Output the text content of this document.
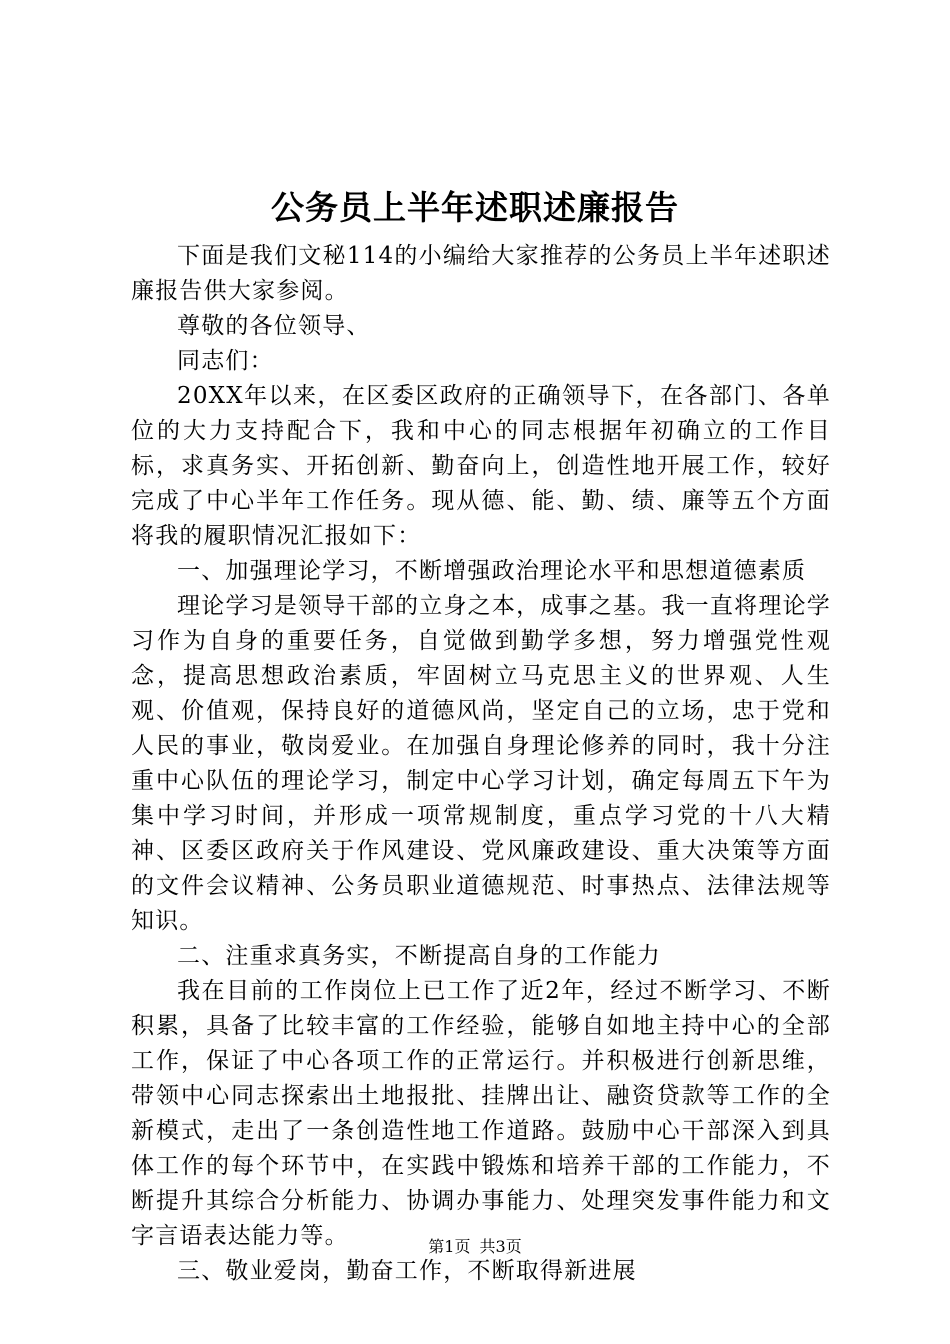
公务员上半年述职述廉报告

下面是我们文秘114的小编给大家推荐的公务员上半年述职述廉报告供大家参阅。

尊敬的各位领导、

同志们：

20XX年以来，在区委区政府的正确领导下，在各部门、各单位的大力支持配合下，我和中心的同志根据年初确立的工作目标，求真务实、开拓创新、勤奋向上，创造性地开展工作，较好完成了中心半年工作任务。现从德、能、勤、绩、廉等五个方面将我的履职情况汇报如下：

一、加强理论学习，不断增强政治理论水平和思想道德素质

理论学习是领导干部的立身之本，成事之基。我一直将理论学习作为自身的重要任务，自觉做到勤学多想，努力增强党性观念，提高思想政治素质，牢固树立马克思主义的世界观、人生观、价值观，保持良好的道德风尚，坚定自己的立场，忠于党和人民的事业，敬岗爱业。在加强自身理论修养的同时，我十分注重中心队伍的理论学习，制定中心学习计划，确定每周五下午为集中学习时间，并形成一项常规制度，重点学习党的十八大精神、区委区政府关于作风建设、党风廉政建设、重大决策等方面的文件会议精神、公务员职业道德规范、时事热点、法律法规等知识。

二、注重求真务实，不断提高自身的工作能力

我在目前的工作岗位上已工作了近2年，经过不断学习、不断积累，具备了比较丰富的工作经验，能够自如地主持中心的全部工作，保证了中心各项工作的正常运行。并积极进行创新思维，带领中心同志探索出土地报批、挂牌出让、融资贷款等工作的全新模式，走出了一条创造性地工作道路。鼓励中心干部深入到具体工作的每个环节中，在实践中锻炼和培养干部的工作能力，不断提升其综合分析能力、协调办事能力、处理突发事件能力和文字言语表达能力等。

三、敬业爱岗，勤奋工作，不断取得新进展

第1页 共3页
